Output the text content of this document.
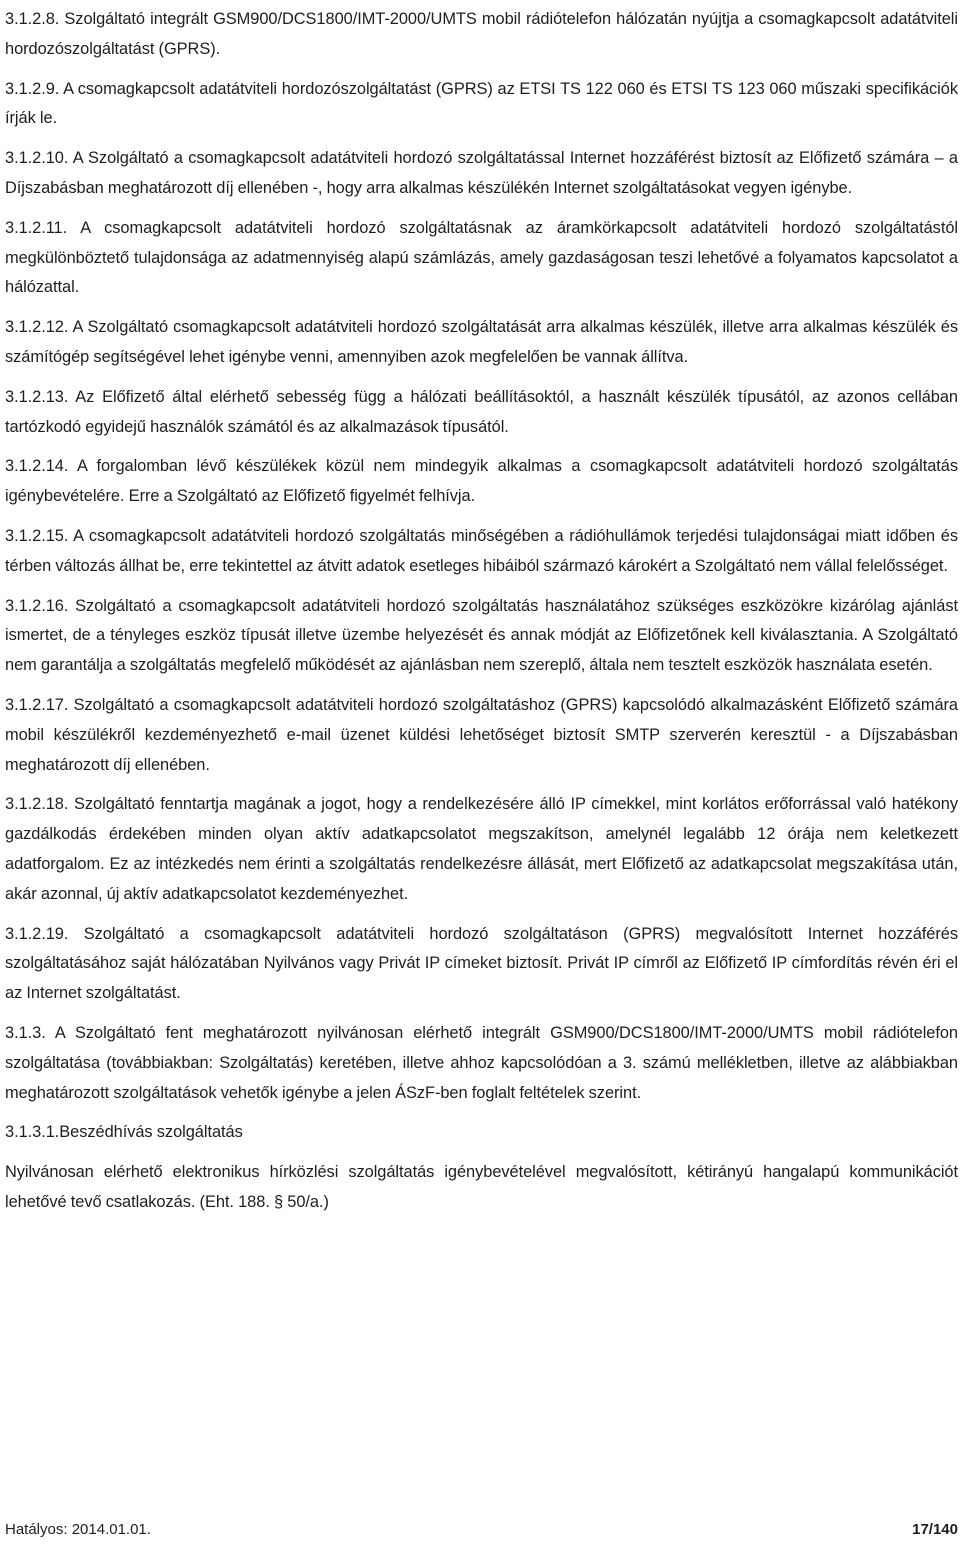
3.1.2.8. Szolgáltató integrált GSM900/DCS1800/IMT-2000/UMTS mobil rádiótelefon hálózatán nyújtja a csomagkapcsolt adatátviteli hordozószolgáltatást (GPRS).

3.1.2.9. A csomagkapcsolt adatátviteli hordozószolgáltatást (GPRS) az ETSI TS 122 060 és ETSI TS 123 060 műszaki specifikációk írják le.

3.1.2.10. A Szolgáltató a csomagkapcsolt adatátviteli hordozó szolgáltatással Internet hozzáférést biztosít az Előfizető számára – a Díjszabásban meghatározott díj ellenében -, hogy arra alkalmas készülékén Internet szolgáltatásokat vegyen igénybe.

3.1.2.11. A csomagkapcsolt adatátviteli hordozó szolgáltatásnak az áramkörkapcsolt adatátviteli hordozó szolgáltatástól megkülönböztető tulajdonsága az adatmennyiség alapú számlázás, amely gazdaságosan teszi lehetővé a folyamatos kapcsolatot a hálózattal.

3.1.2.12. A Szolgáltató csomagkapcsolt adatátviteli hordozó szolgáltatását arra alkalmas készülék, illetve arra alkalmas készülék és számítógép segítségével lehet igénybe venni, amennyiben azok megfelelően be vannak állítva.

3.1.2.13. Az Előfizető által elérhető sebesség függ a hálózati beállításoktól, a használt készülék típusától, az azonos cellában tartózkodó egyidejű használók számától és az alkalmazások típusától.

3.1.2.14. A forgalomban lévő készülékek közül nem mindegyik alkalmas a csomagkapcsolt adatátviteli hordozó szolgáltatás igénybevételére. Erre a Szolgáltató az Előfizető figyelmét felhívja.

3.1.2.15. A csomagkapcsolt adatátviteli hordozó szolgáltatás minőségében a rádióhullámok terjedési tulajdonságai miatt időben és térben változás állhat be, erre tekintettel az átvitt adatok esetleges hibáiból származó károkért a Szolgáltató nem vállal felelősséget.

3.1.2.16. Szolgáltató a csomagkapcsolt adatátviteli hordozó szolgáltatás használatához szükséges eszközökre kizárólag ajánlást ismertet, de a tényleges eszköz típusát illetve üzembe helyezését és annak módját az Előfizetőnek kell kiválasztania. A Szolgáltató nem garantálja a szolgáltatás megfelelő működését az ajánlásban nem szereplő, általa nem tesztelt eszközök használata esetén.

3.1.2.17. Szolgáltató a csomagkapcsolt adatátviteli hordozó szolgáltatáshoz (GPRS) kapcsolódó alkalmazásként Előfizető számára mobil készülékről kezdeményezhető e-mail üzenet küldési lehetőséget biztosít SMTP szerverén keresztül - a Díjszabásban meghatározott díj ellenében.

3.1.2.18. Szolgáltató fenntartja magának a jogot, hogy a rendelkezésére álló IP címekkel, mint korlátos erőforrással való hatékony gazdálkodás érdekében minden olyan aktív adatkapcsolatot megszakítson, amelynél legalább 12 órája nem keletkezett adatforgalom. Ez az intézkedés nem érinti a szolgáltatás rendelkezésre állását, mert Előfizető az adatkapcsolat megszakítása után, akár azonnal, új aktív adatkapcsolatot kezdeményezhet.

3.1.2.19. Szolgáltató a csomagkapcsolt adatátviteli hordozó szolgáltatáson (GPRS) megvalósított Internet hozzáférés szolgáltatásához saját hálózatában Nyilvános vagy Privát IP címeket biztosít. Privát IP címről az Előfizető IP címfordítás révén éri el az Internet szolgáltatást.

3.1.3. A Szolgáltató fent meghatározott nyilvánosan elérhető integrált GSM900/DCS1800/IMT-2000/UMTS mobil rádiótelefon szolgáltatása (továbbiakban: Szolgáltatás) keretében, illetve ahhoz kapcsolódóan a 3. számú mellékletben, illetve az alábbiakban meghatározott szolgáltatások vehetők igénybe a jelen ÁSzF-ben foglalt feltételek szerint.

3.1.3.1.Beszédhívás szolgáltatás

Nyilvánosan elérhető elektronikus hírközlési szolgáltatás igénybevételével megvalósított, kétirányú hangalapú kommunikációt lehetővé tevő csatlakozás. (Eht. 188. § 50/a.)

Hatályos: 2014.01.01.	17/140
